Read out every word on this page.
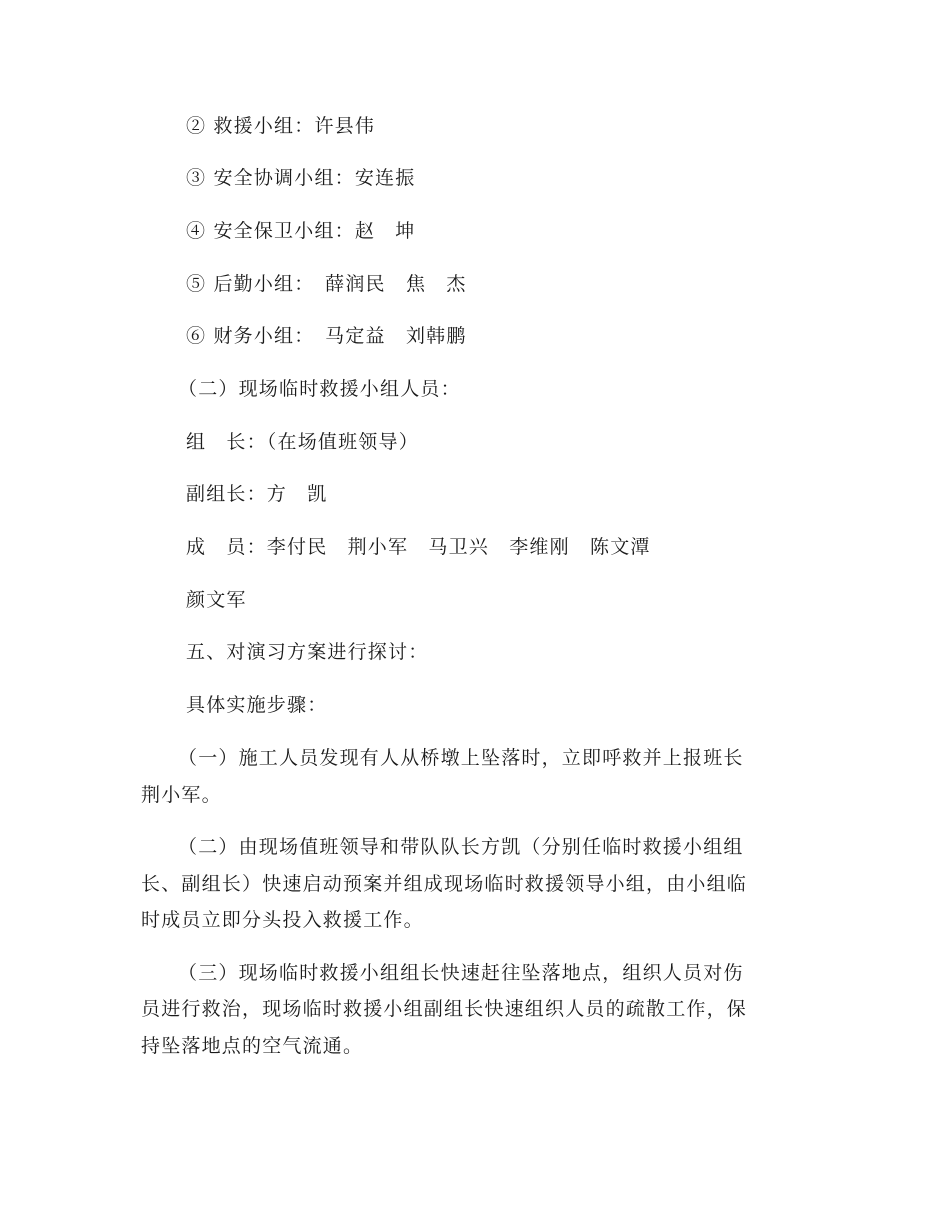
② 救援小组：许县伟
③ 安全协调小组：安连振
④ 安全保卫小组：赵　坤
⑤ 后勤小组：　薛润民　焦　杰
⑥ 财务小组：　马定益　刘韩鹏
（二）现场临时救援小组人员：
组　长：（在场值班领导）
副组长：方　凯
成　员：李付民　荆小军　马卫兴　李维刚　陈文潭
颜文军
五、对演习方案进行探讨：
具体实施步骤：
（一）施工人员发现有人从桥墩上坠落时，立即呼救并上报班长
荆小军。
（二）由现场值班领导和带队队长方凯（分别任临时救援小组组
长、副组长）快速启动预案并组成现场临时救援领导小组，由小组临
时成员立即分头投入救援工作。
（三）现场临时救援小组组长快速赶往坠落地点，组织人员对伤
员进行救治，现场临时救援小组副组长快速组织人员的疏散工作，保
持坠落地点的空气流通。
